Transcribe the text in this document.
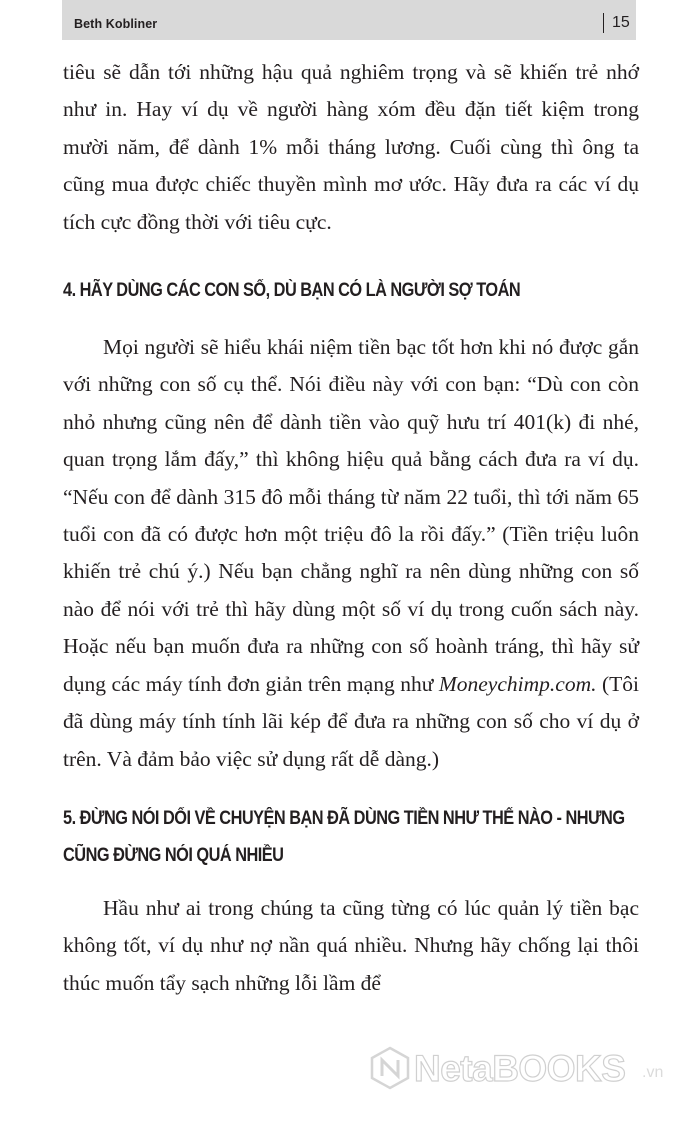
Beth Kobliner	15

tiêu sẽ dẫn tới những hậu quả nghiêm trọng và sẽ khiến trẻ nhớ như in. Hay ví dụ về người hàng xóm đều đặn tiết kiệm trong mười năm, để dành 1% mỗi tháng lương. Cuối cùng thì ông ta cũng mua được chiếc thuyền mình mơ ước. Hãy đưa ra các ví dụ tích cực đồng thời với tiêu cực.

4. HÃY DÙNG CÁC CON SỐ, DÙ BẠN CÓ LÀ NGƯỜI SỢ TOÁN

Mọi người sẽ hiểu khái niệm tiền bạc tốt hơn khi nó được gắn với những con số cụ thể. Nói điều này với con bạn: “Dù con còn nhỏ nhưng cũng nên để dành tiền vào quỹ hưu trí 401(k) đi nhé, quan trọng lắm đấy,” thì không hiệu quả bằng cách đưa ra ví dụ. “Nếu con để dành 315 đô mỗi tháng từ năm 22 tuổi, thì tới năm 65 tuổi con đã có được hơn một triệu đô la rồi đấy.” (Tiền triệu luôn khiến trẻ chú ý.) Nếu bạn chẳng nghĩ ra nên dùng những con số nào để nói với trẻ thì hãy dùng một số ví dụ trong cuốn sách này. Hoặc nếu bạn muốn đưa ra những con số hoành tráng, thì hãy sử dụng các máy tính đơn giản trên mạng như Moneychimp.com. (Tôi đã dùng máy tính tính lãi kép để đưa ra những con số cho ví dụ ở trên. Và đảm bảo việc sử dụng rất dễ dàng.)

5. ĐỪNG NÓI DỐI VỀ CHUYỆN BẠN ĐÃ DÙNG TIỀN NHƯ THẾ NÀO - NHƯNG
CŨNG ĐỪNG NÓI QUÁ NHIỀU

Hầu như ai trong chúng ta cũng từng có lúc quản lý tiền bạc không tốt, ví dụ như nợ nần quá nhiều. Nhưng hãy chống lại thôi thúc muốn tẩy sạch những lỗi lầm để

NetaBOOKS .vn
